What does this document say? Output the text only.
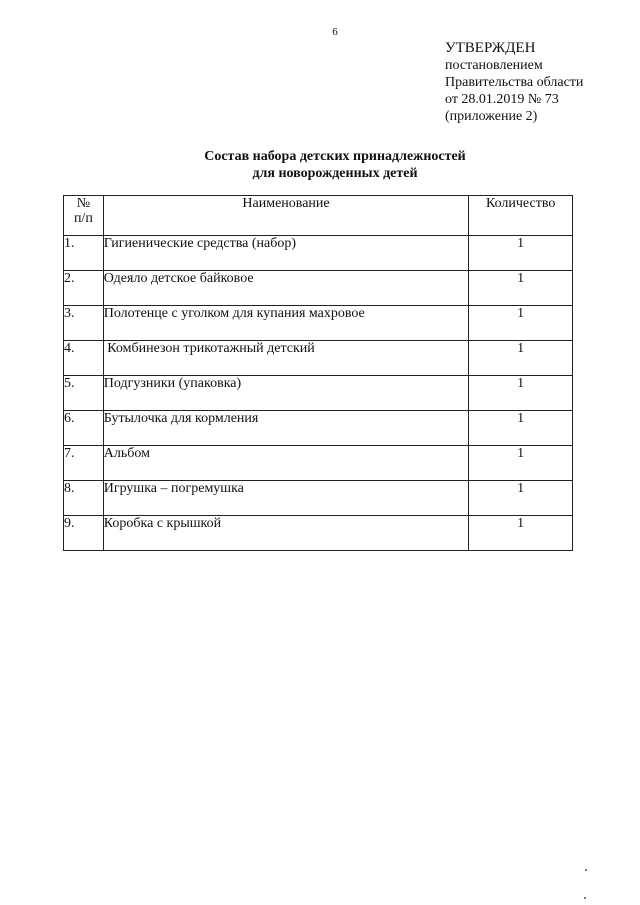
6
УТВЕРЖДЕН
постановлением
Правительства области
от 28.01.2019 № 73
(приложение 2)
Состав набора детских принадлежностей
для новорожденных детей
№
п/п	Наименование	Количество
1.	Гигиенические средства (набор)	1
2.	Одеяло детское байковое	1
3.	Полотенце с уголком для купания махровое	1
4.	Комбинезон трикотажный детский	1
5.	Подгузники (упаковка)	1
6.	Бутылочка для кормления	1
7.	Альбом	1
8.	Игрушка – погремушка	1
9.	Коробка с крышкой	1
